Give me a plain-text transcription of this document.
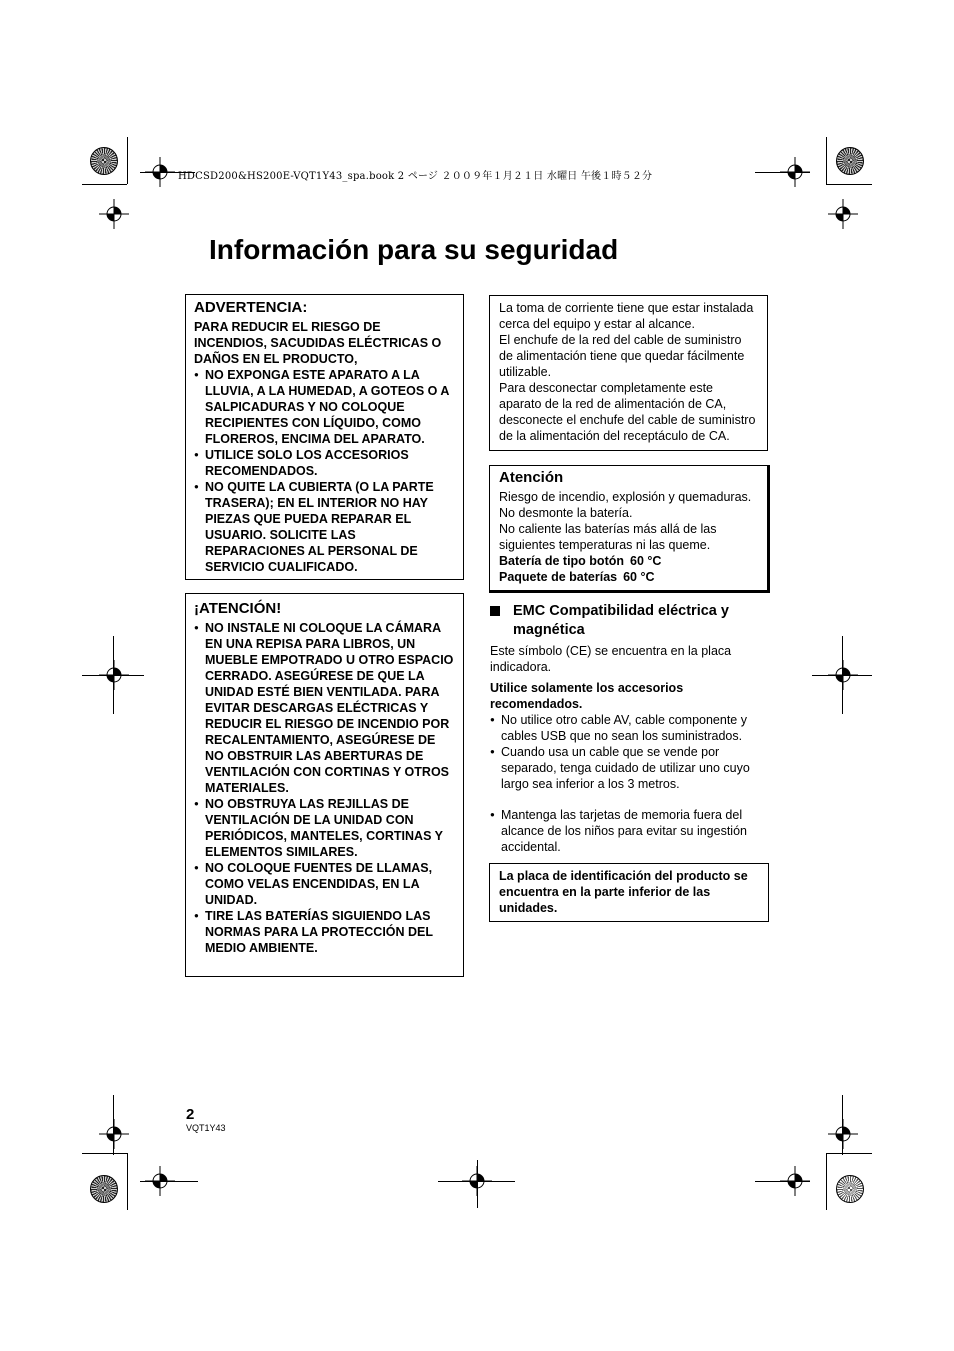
HDCSD200&HS200E-VQT1Y43_spa.book 2 ページ ２００９年１月２１日 水曜日 午後１時５２分
Información para su seguridad
ADVERTENCIA:

PARA REDUCIR EL RIESGO DE INCENDIOS, SACUDIDAS ELÉCTRICAS O DAÑOS EN EL PRODUCTO,

● NO EXPONGA ESTE APARATO A LA LLUVIA, A LA HUMEDAD, A GOTEOS O A SALPICADURAS Y NO COLOQUE RECIPIENTES CON LÍQUIDO, COMO FLOREROS, ENCIMA DEL APARATO.
● UTILICE SOLO LOS ACCESORIOS RECOMENDADOS.
● NO QUITE LA CUBIERTA (O LA PARTE TRASERA); EN EL INTERIOR NO HAY PIEZAS QUE PUEDA REPARAR EL USUARIO. SOLICITE LAS REPARACIONES AL PERSONAL DE SERVICIO CUALIFICADO.
¡ATENCIÓN!
● NO INSTALE NI COLOQUE LA CÁMARA EN UNA REPISA PARA LIBROS, UN MUEBLE EMPOTRADO U OTRO ESPACIO CERRADO. ASEGÚRESE DE QUE LA UNIDAD ESTÉ BIEN VENTILADA. PARA EVITAR DESCARGAS ELÉCTRICAS Y REDUCIR EL RIESGO DE INCENDIO POR RECALENTAMIENTO, ASEGÚRESE DE NO OBSTRUIR LAS ABERTURAS DE VENTILACIÓN CON CORTINAS Y OTROS MATERIALES.
● NO OBSTRUYA LAS REJILLAS DE VENTILACIÓN DE LA UNIDAD CON PERIÓDICOS, MANTELES, CORTINAS Y ELEMENTOS SIMILARES.
● NO COLOQUE FUENTES DE LLAMAS, COMO VELAS ENCENDIDAS, EN LA UNIDAD.
● TIRE LAS BATERÍAS SIGUIENDO LAS NORMAS PARA LA PROTECCIÓN DEL MEDIO AMBIENTE.

La toma de corriente tiene que estar instalada cerca del equipo y estar al alcance.

El enchufe de la red del cable de suministro de alimentación tiene que quedar fácilmente utilizable.

Para desconectar completamente este aparato de la red de alimentación de CA, desconecte el enchufe del cable de suministro de la alimentación del receptáculo de CA.

Atención

Riesgo de incendio, explosión y quemaduras. No desmonte la batería.

No caliente las baterías más allá de las siguientes temperaturas ni las queme.

Batería de tipo botón 60 °C
Paquete de baterías 60 °C
EMC Compatibilidad eléctrica y magnética

Este símbolo (CE) se encuentra en la placa indicadora.

Utilice solamente los accesorios recomendados.

● No utilice otro cable AV, cable componente y cables USB que no sean los suministrados.
● Cuando usa un cable que se vende por separado, tenga cuidado de utilizar uno cuyo largo sea inferior a los 3 metros.
● Mantenga las tarjetas de memoria fuera del alcance de los niños para evitar su ingestión accidental.

La placa de identificación del producto se encuentra en la parte inferior de las unidades.

2
VQT1Y43
